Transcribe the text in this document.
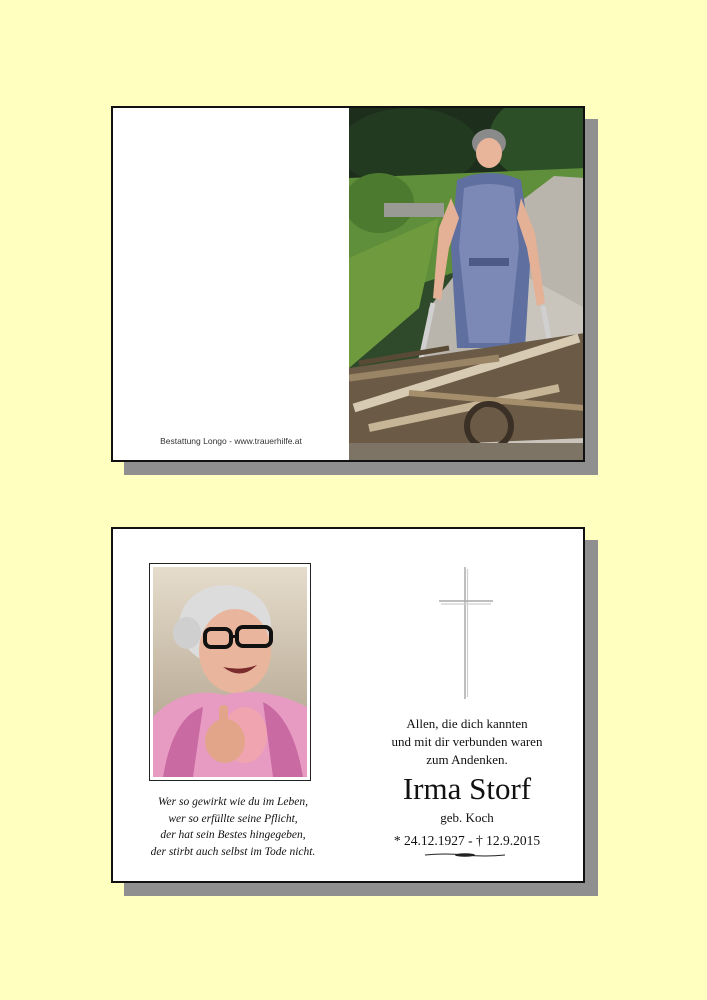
Bestattung Longo - www.trauerhilfe.at
Wer so gewirkt wie du im Leben,
wer so erfüllte seine Pflicht,
der hat sein Bestes hingegeben,
der stirbt auch selbst im Tode nicht.
Allen, die dich kannten
und mit dir verbunden waren
zum Andenken.
Irma Storf
geb. Koch
* 24.12.1927 - † 12.9.2015
